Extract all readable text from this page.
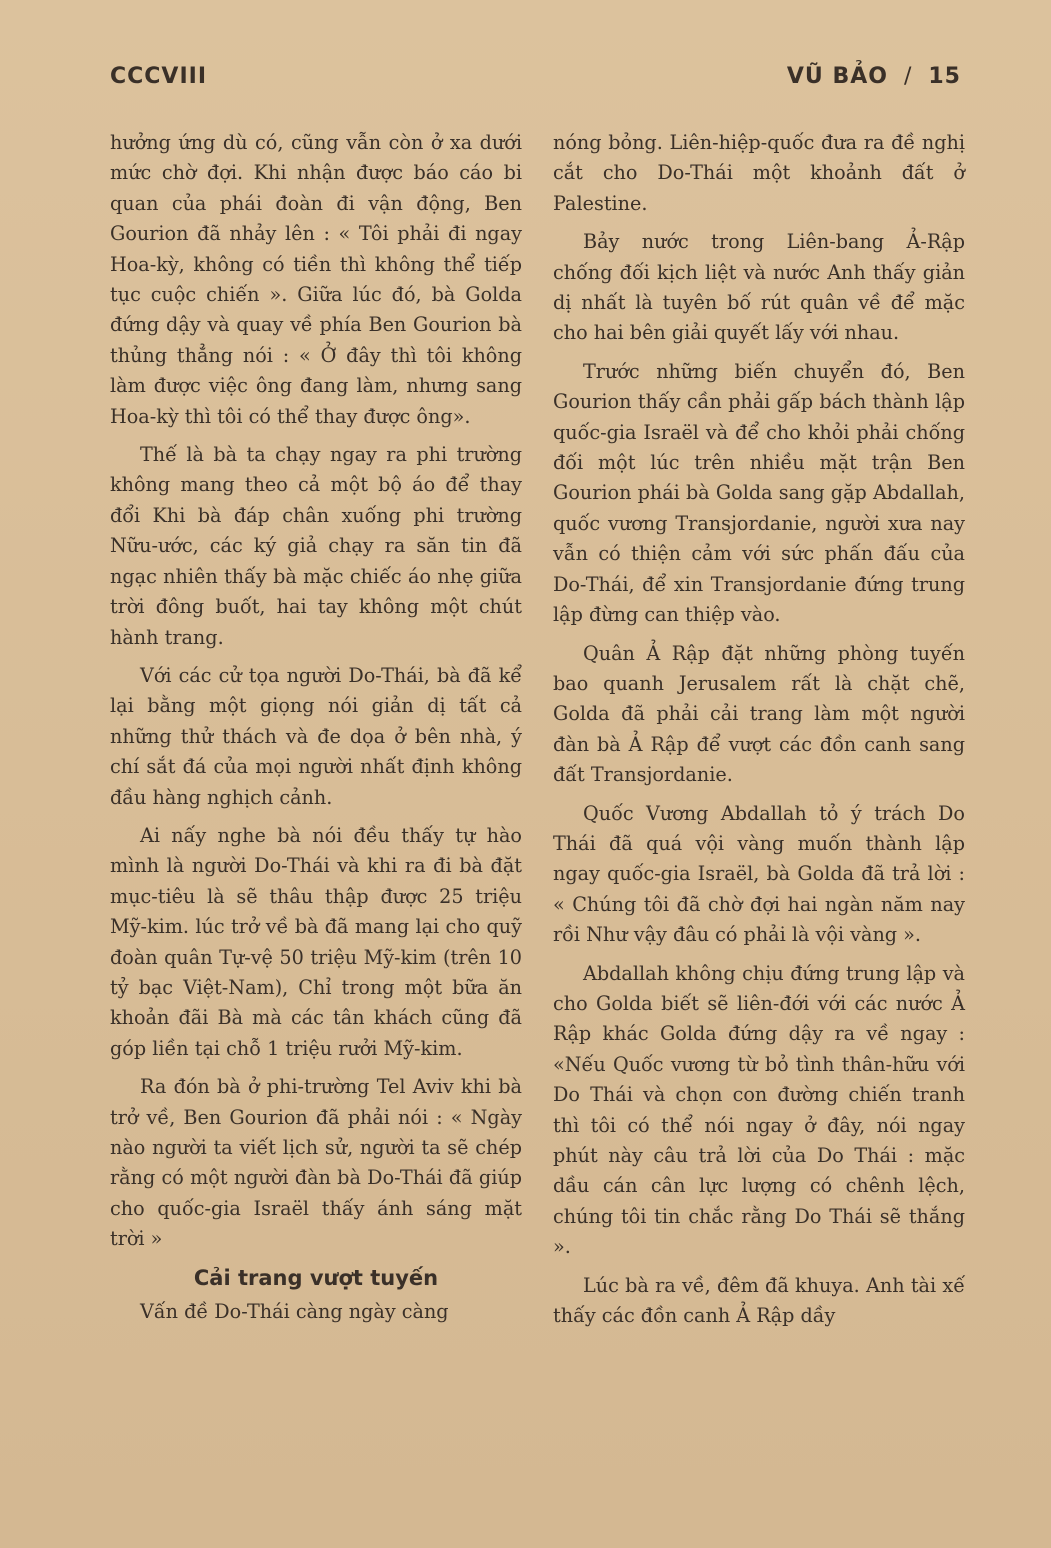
CCCVIII	VŨ BẢO / 15

hưởng ứng dù có, cũng vẫn còn ở xa dưới mức chờ đợi. Khi nhận được báo cáo bi quan của phái đoàn đi vận động, Ben Gourion đã nhảy lên : « Tôi phải đi ngay Hoa-kỳ, không có tiền thì không thể tiếp tục cuộc chiến ». Giữa lúc đó, bà Golda đứng dậy và quay về phía Ben Gourion bà thủng thẳng nói : « Ở đây thì tôi không làm được việc ông đang làm, nhưng sang Hoa-kỳ thì tôi có thể thay được ông».

Thế là bà ta chạy ngay ra phi trường không mang theo cả một bộ áo để thay đổi Khi bà đáp chân xuống phi trường Nữu-ước, các ký giả chạy ra săn tin đã ngạc nhiên thấy bà mặc chiếc áo nhẹ giữa trời đông buốt, hai tay không một chút hành trang.

Với các cử tọa người Do-Thái, bà đã kể lại bằng một giọng nói giản dị tất cả những thử thách và đe dọa ở bên nhà, ý chí sắt đá của mọi người nhất định không đầu hàng nghịch cảnh.

Ai nấy nghe bà nói đều thấy tự hào mình là người Do-Thái và khi ra đi bà đặt mục-tiêu là sẽ thâu thập được 25 triệu Mỹ-kim. lúc trở về bà đã mang lại cho quỹ đoàn quân Tự-vệ 50 triệu Mỹ-kim (trên 10 tỷ bạc Việt-Nam), Chỉ trong một bữa ăn khoản đãi Bà mà các tân khách cũng đã góp liền tại chỗ 1 triệu rưởi Mỹ-kim.

Ra đón bà ở phi-trường Tel Aviv khi bà trở về, Ben Gourion đã phải nói : « Ngày nào người ta viết lịch sử, người ta sẽ chép rằng có một người đàn bà Do-Thái đã giúp cho quốc-gia Israël thấy ánh sáng mặt trời »

Cải trang vượt tuyến

Vấn đề Do-Thái càng ngày càng

nóng bỏng. Liên-hiệp-quốc đưa ra đề nghị cắt cho Do-Thái một khoảnh đất ở Palestine.

Bảy nước trong Liên-bang Ả-Rập chống đối kịch liệt và nước Anh thấy giản dị nhất là tuyên bố rút quân về để mặc cho hai bên giải quyết lấy với nhau.

Trước những biến chuyển đó, Ben Gourion thấy cần phải gấp bách thành lập quốc-gia Israël và để cho khỏi phải chống đối một lúc trên nhiều mặt trận Ben Gourion phái bà Golda sang gặp Abdallah, quốc vương Transjordanie, người xưa nay vẫn có thiện cảm với sức phấn đấu của Do-Thái, để xin Transjordanie đứng trung lập đừng can thiệp vào.

Quân Ả Rập đặt những phòng tuyến bao quanh Jerusalem rất là chặt chẽ, Golda đã phải cải trang làm một người đàn bà Ả Rập để vượt các đồn canh sang đất Transjordanie.

Quốc Vương Abdallah tỏ ý trách Do Thái đã quá vội vàng muốn thành lập ngay quốc-gia Israël, bà Golda đã trả lời : « Chúng tôi đã chờ đợi hai ngàn năm nay rồi Như vậy đâu có phải là vội vàng ».

Abdallah không chịu đứng trung lập và cho Golda biết sẽ liên-đới với các nước Ả Rập khác Golda đứng dậy ra về ngay : «Nếu Quốc vương từ bỏ tình thân-hữu với Do Thái và chọn con đường chiến tranh thì tôi có thể nói ngay ở đây, nói ngay phút này câu trả lời của Do Thái : mặc dầu cán cân lực lượng có chênh lệch, chúng tôi tin chắc rằng Do Thái sẽ thắng ».

Lúc bà ra về, đêm đã khuya. Anh tài xế thấy các đồn canh Ả Rập dầy
